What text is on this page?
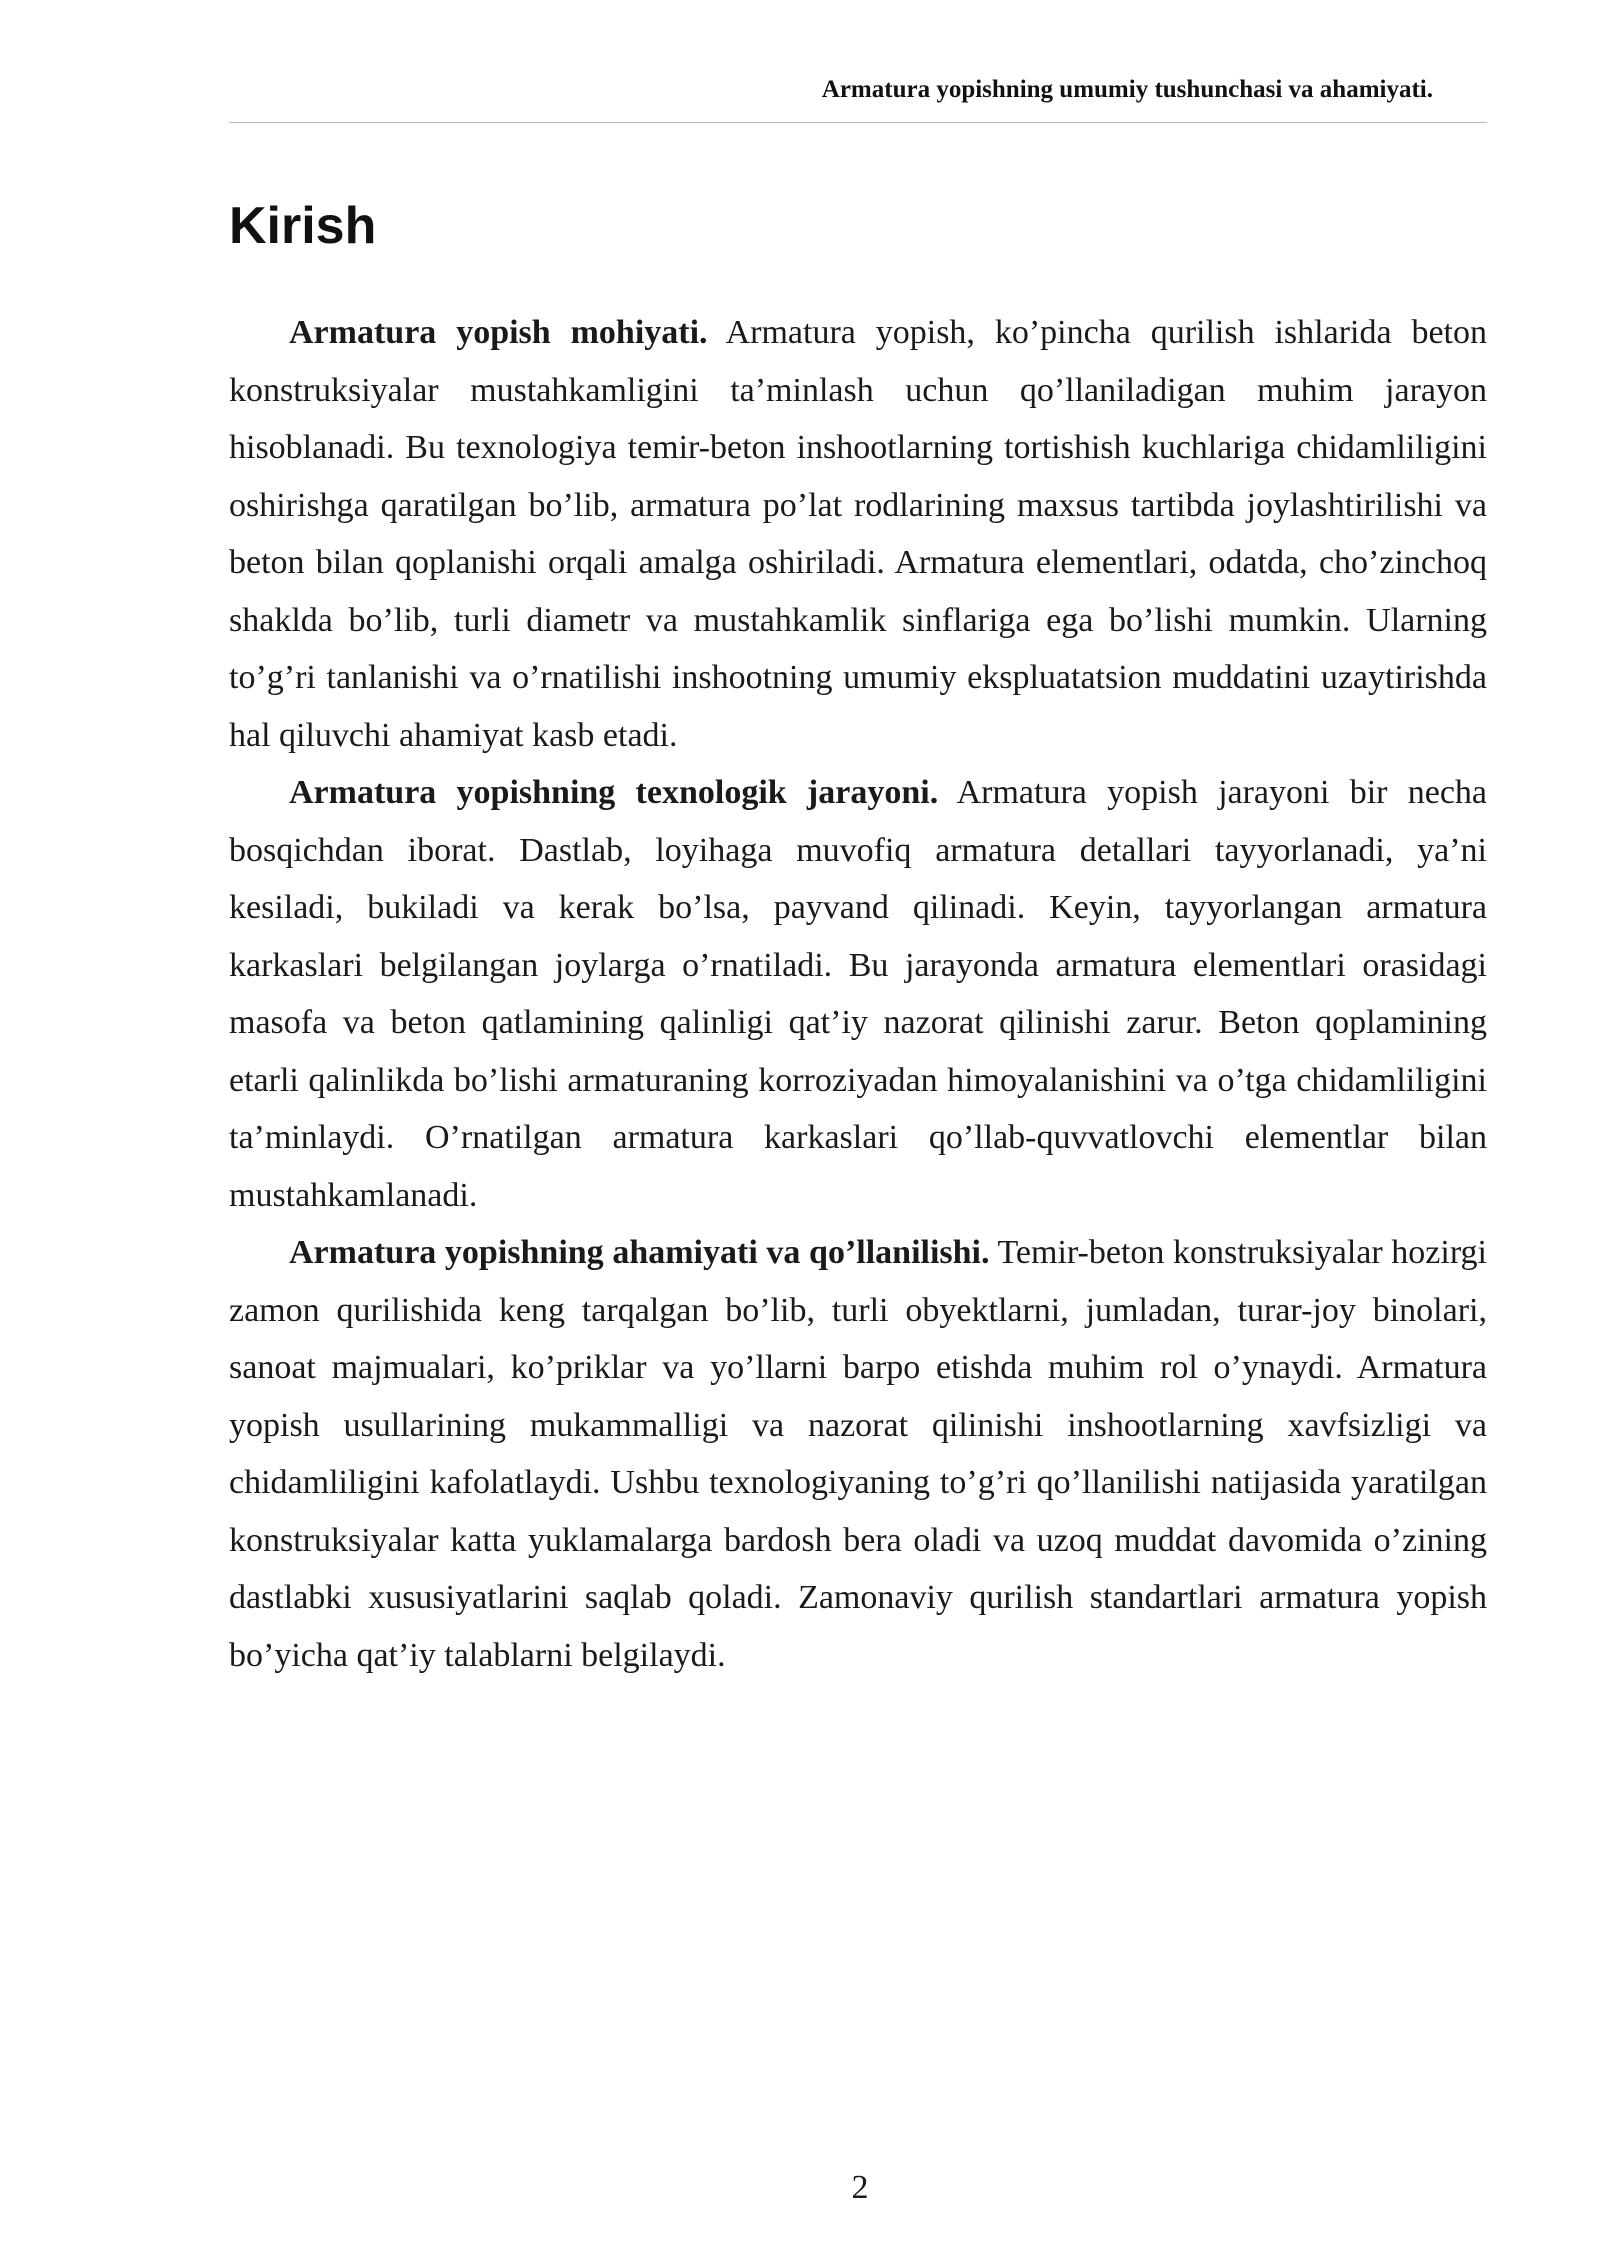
Armatura yopishning umumiy tushunchasi va ahamiyati.
Kirish

Armatura yopish mohiyati. Armatura yopish, ko’pincha qurilish ishlarida beton konstruksiyalar mustahkamligini ta’minlash uchun qo’llaniladigan muhim jarayon hisoblanadi. Bu texnologiya temir-beton inshootlarning tortishish kuchlariga chidamliligini oshirishga qaratilgan bo’lib, armatura po’lat rodlarining maxsus tartibda joylashtirilishi va beton bilan qoplanishi orqali amalga oshiriladi. Armatura elementlari, odatda, cho’zinchoq shaklda bo’lib, turli diametr va mustahkamlik sinflariga ega bo’lishi mumkin. Ularning to’g’ri tanlanishi va o’rnatilishi inshootning umumiy ekspluatatsion muddatini uzaytirishda hal qiluvchi ahamiyat kasb etadi.

Armatura yopishning texnologik jarayoni. Armatura yopish jarayoni bir necha bosqichdan iborat. Dastlab, loyihaga muvofiq armatura detallari tayyorlanadi, ya’ni kesiladi, bukiladi va kerak bo’lsa, payvand qilinadi. Keyin, tayyorlangan armatura karkaslari belgilangan joylarga o’rnatiladi. Bu jarayonda armatura elementlari orasidagi masofa va beton qatlamining qalinligi qat’iy nazorat qilinishi zarur. Beton qoplamining etarli qalinlikda bo’lishi armaturaning korroziyadan himoyalanishini va o’tga chidamliligini ta’minlaydi. O’rnatilgan armatura karkaslari qo’llab-quvvatlovchi elementlar bilan mustahkamlanadi.

Armatura yopishning ahamiyati va qo’llanilishi. Temir-beton konstruksiyalar hozirgi zamon qurilishida keng tarqalgan bo’lib, turli obyektlarni, jumladan, turar-joy binolari, sanoat majmualari, ko’priklar va yo’llarni barpo etishda muhim rol o’ynaydi. Armatura yopish usullarining mukammalligi va nazorat qilinishi inshootlarning xavfsizligi va chidamliligini kafolatlaydi. Ushbu texnologiyaning to’g’ri qo’llanilishi natijasida yaratilgan konstruksiyalar katta yuklamalarga bardosh bera oladi va uzoq muddat davomida o’zining dastlabki xususiyatlarini saqlab qoladi. Zamonaviy qurilish standartlari armatura yopish bo’yicha qat’iy talablarni belgilaydi.

2
